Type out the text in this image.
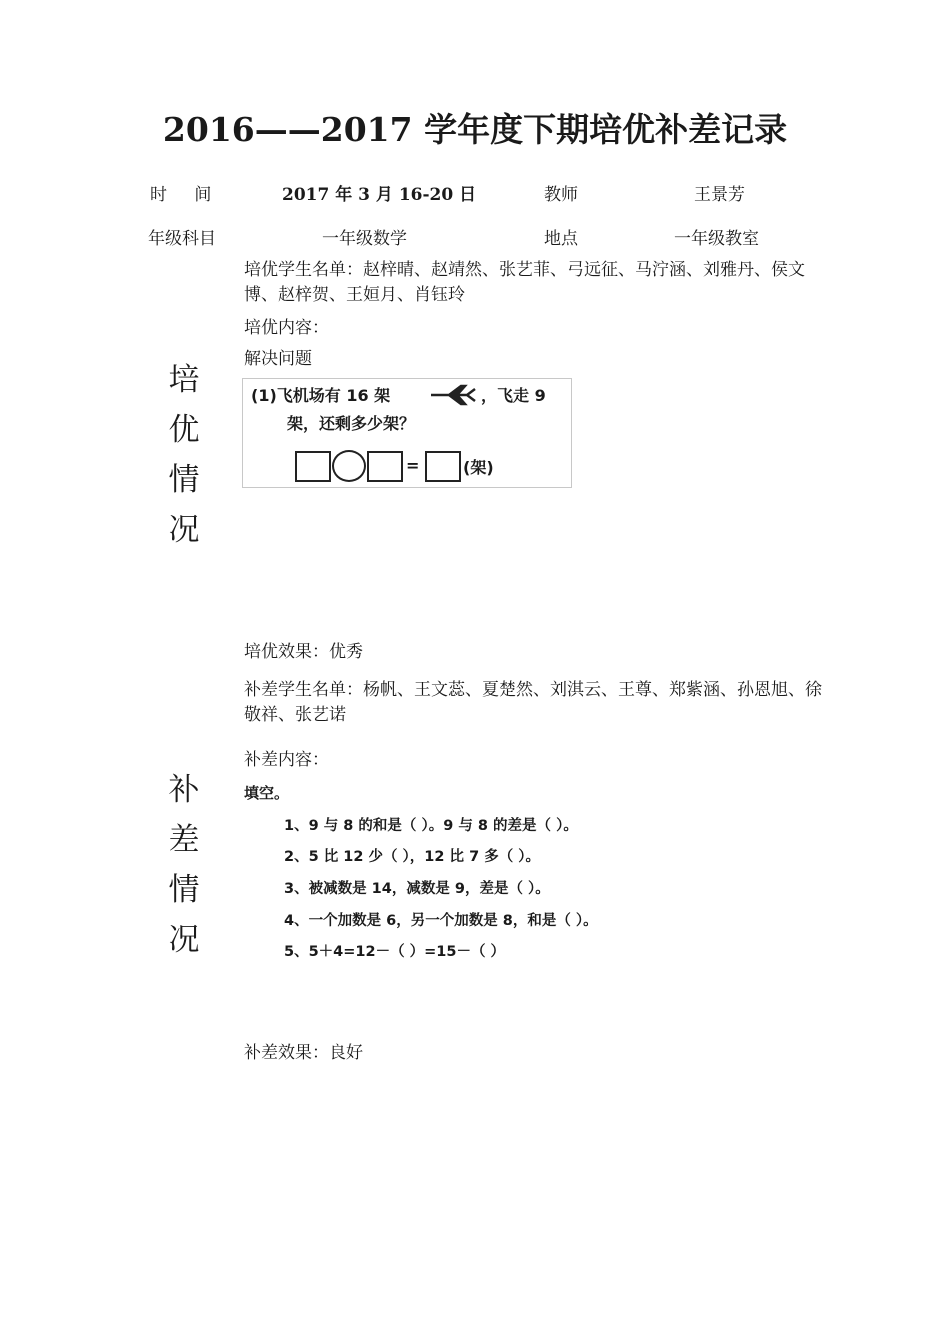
2016——2017 学年度下期培优补差记录
时 间	2017 年 3 月 16-20 日	教师	王景芳
年级科目	一年级数学	地点	一年级教室
培
优
情
况
培优学生名单：赵梓晴、赵靖然、张艺菲、弓远征、马泞涵、刘雅丹、侯文博、赵梓贺、王姮月、肖钰玲
培优内容：
解决问题
(1)飞机场有 16 架	，飞走 9
架，还剩多少架？
=	(架)
培优效果：优秀
补
差
情
况
补差学生名单：杨帆、王文蕊、夏楚然、刘淇云、王尊、郑紫涵、孙恩旭、徐敬祥、张艺诺
补差内容：
填空。
1、9 与 8 的和是（ ）。9 与 8 的差是（ ）。
2、5 比 12 少（ ），12 比 7 多（ ）。
3、被减数是 14，减数是 9，差是（ ）。
4、一个加数是 6，另一个加数是 8，和是（ ）。
5、5＋4=12－（ ）=15－（ ）
补差效果：良好
